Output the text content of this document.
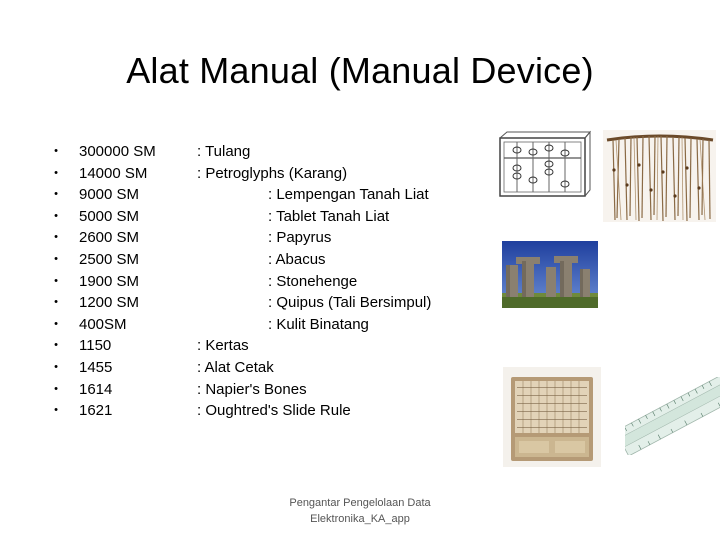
Alat Manual (Manual Device)
• 300000 SM	: Tulang
• 14000 SM	: Petroglyphs (Karang)
• 9000 SM	: Lempengan Tanah Liat
• 5000 SM	: Tablet Tanah Liat
• 2600 SM	: Papyrus
• 2500 SM	: Abacus
• 1900 SM	: Stonehenge
• 1200 SM	: Quipus (Tali Bersimpul)
• 400SM	: Kulit Binatang
• 1150	: Kertas
• 1455	: Alat Cetak
• 1614	: Napier's Bones
• 1621	: Oughtred's Slide Rule
Pengantar Pengelolaan Data
Elektronika_KA_app
